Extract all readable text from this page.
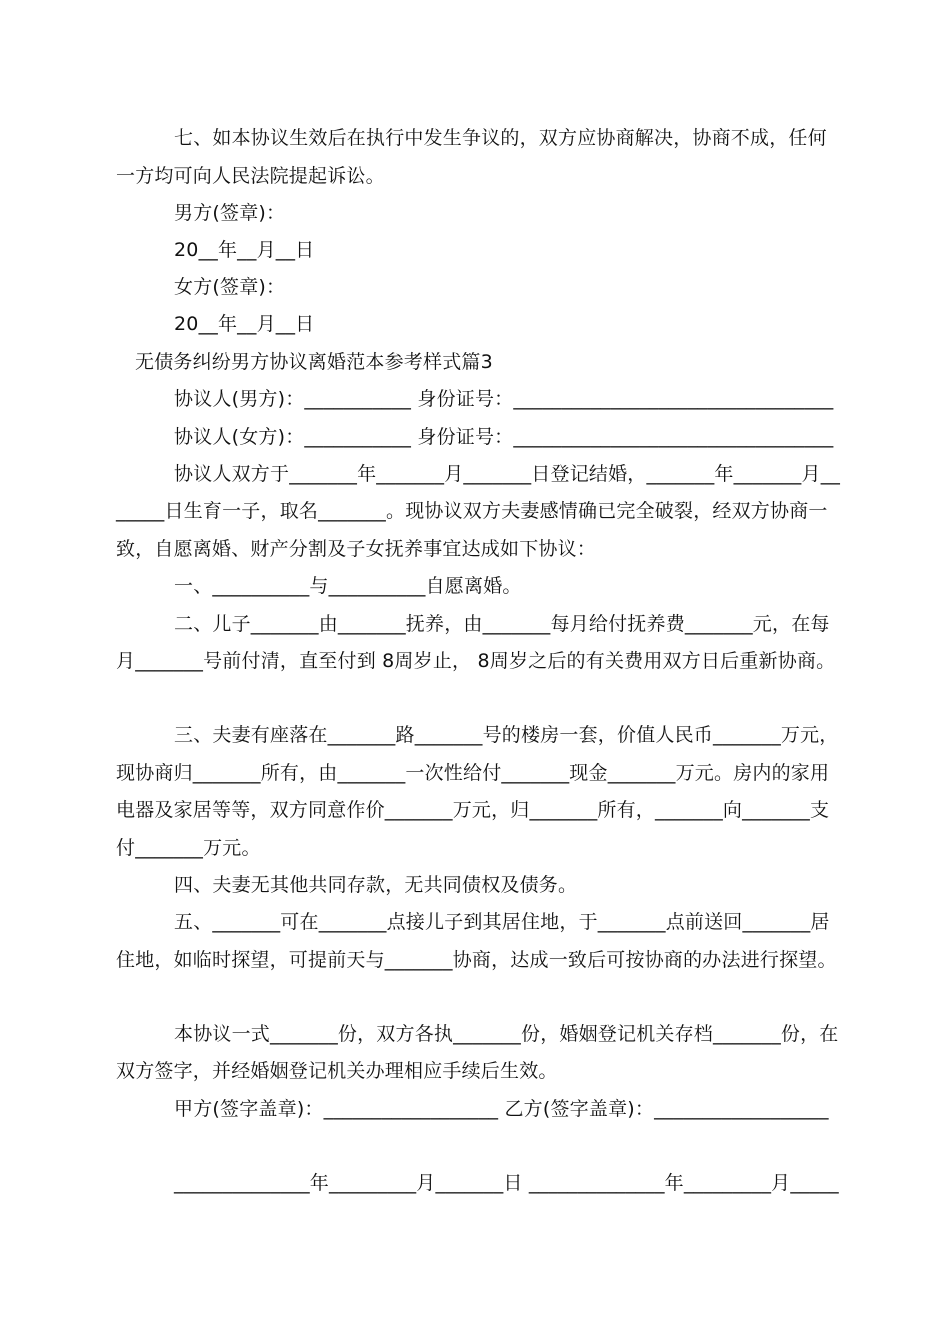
七、如本协议生效后在执行中发生争议的，双方应协商解决，协商不成，任何
一方均可向人民法院提起诉讼。
男方(签章)：
20__年__月__日
女方(签章)：
20__年__月__日
无债务纠纷男方协议离婚范本参考样式篇3
协议人(男方)：___________ 身份证号：_________________________________
协议人(女方)：___________ 身份证号：_________________________________
协议人双方于_______年_______月_______日登记结婚，_______年_______月__
_____日生育一子，取名_______。现协议双方夫妻感情确已完全破裂，经双方协商一
致，自愿离婚、财产分割及子女抚养事宜达成如下协议：
一、__________与__________自愿离婚。
二、儿子_______由_______抚养，由_______每月给付抚养费_______元，在每
月_______号前付清，直至付到 8周岁止， 8周岁之后的有关费用双方日后重新协商。
三、夫妻有座落在_______路_______号的楼房一套，价值人民币_______万元，
现协商归_______所有，由_______一次性给付_______现金_______万元。房内的家用
电器及家居等等，双方同意作价_______万元，归_______所有，_______向_______支
付_______万元。
四、夫妻无其他共同存款，无共同债权及债务。
五、_______可在_______点接儿子到其居住地，于_______点前送回_______居
住地，如临时探望，可提前天与_______协商，达成一致后可按协商的办法进行探望。
本协议一式_______份，双方各执_______份，婚姻登记机关存档_______份，在
双方签字，并经婚姻登记机关办理相应手续后生效。
甲方(签字盖章)：__________________ 乙方(签字盖章)：__________________
______________年_________月_______日 ______________年_________月_____
